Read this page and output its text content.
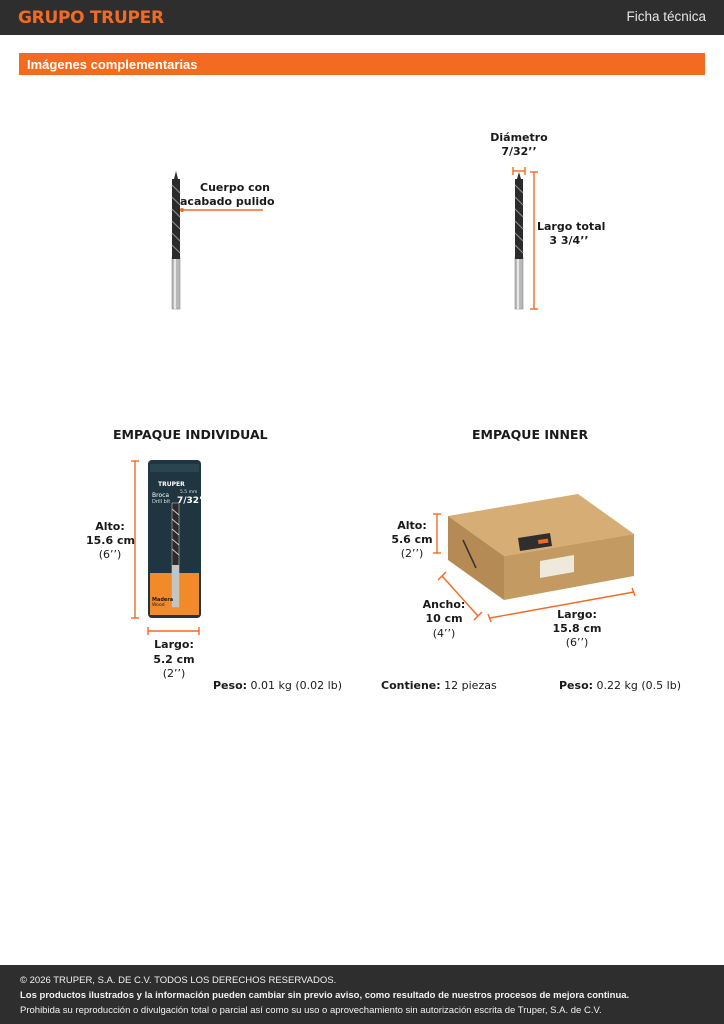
GRUPO TRUPER	Ficha técnica
Imágenes complementarias
Cuerpo con
acabado pulido
Diámetro
7/32’’
Largo total
3 3/4’’
EMPAQUE INDIVIDUAL
TRUPER
Broca
Drill bit
5.5 mm
7/32"
Madera
Wood
Alto:
15.6 cm
(6’’)
Largo:
5.2 cm
(2’’)
Peso: 0.01 kg (0.02 lb)
EMPAQUE INNER
Alto:
5.6 cm
(2’’)
Ancho:
10 cm
(4’’)
Largo:
15.8 cm
(6’’)
Contiene: 12 piezas	Peso: 0.22 kg (0.5 lb)
© 2026 TRUPER, S.A. DE C.V. TODOS LOS DERECHOS RESERVADOS.
Los productos ilustrados y la información pueden cambiar sin previo aviso, como resultado de nuestros procesos de mejora continua.
Prohibida su reproducción o divulgación total o parcial así como su uso o aprovechamiento sin autorización escrita de Truper, S.A. de C.V.
